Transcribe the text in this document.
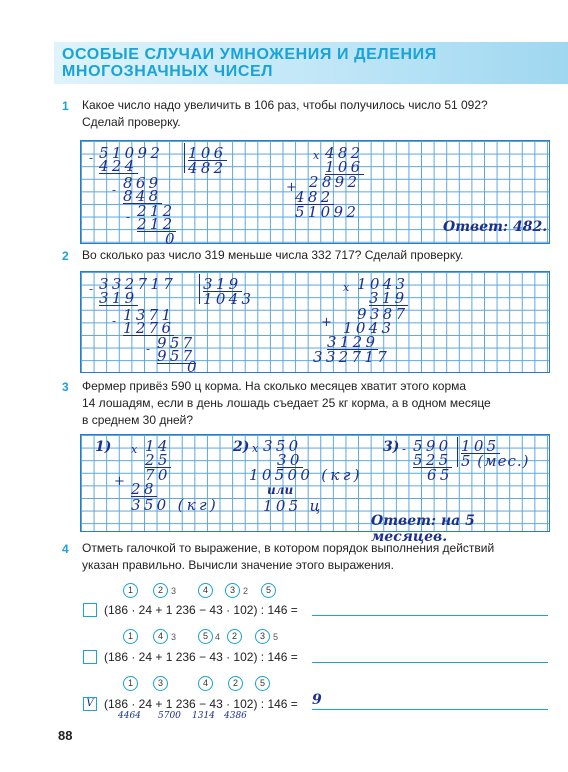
ОСОБЫЕ СЛУЧАИ УМНОЖЕНИЯ И ДЕЛЕНИЯ
МНОГОЗНАЧНЫХ ЧИСЕЛ
1 Какое число надо увеличить в 106 раз, чтобы получилось число 51 092?
Сделай проверку.
51092
- 424
106
482
869
- 848
212
- 212
0
x 482
106
2892
+
482
51092
Ответ: 482.
2 Во сколько раз число 319 меньше числа 332 717? Сделай проверку.
332717
- 319
319
1043
1371
- 1276
957
- 957
0
x 1043
319
9387
+ 1043
3129
332717
3 Фермер привёз 590 ц корма. На сколько месяцев хватит этого корма
14 лошадям, если в день лошадь съедает 25 кг корма, а в одном месяце
в среднем 30 дней?
1) x 14
25
70
+ 28
350 (кг)
2) x 350
30
10500 (кг)
или
105 ц
3) - 590 105
525 5 (мес.)
65
Ответ: на 5 месяцев.
4 Отметь галочкой то выражение, в котором порядок выполнения действий
указан правильно. Вычисли значение этого выражения.
1	2 3	4	3 2	5
(186 · 24 + 1 236 − 43 · 102) : 146 =
1	4 3	5 4	2	3 5
(186 · 24 + 1 236 − 43 · 102) : 146 =
1	3	4	2	5
V (186 · 24 + 1 236 − 43 · 102) : 146 = 9
4464 5700 1314 4386
88
